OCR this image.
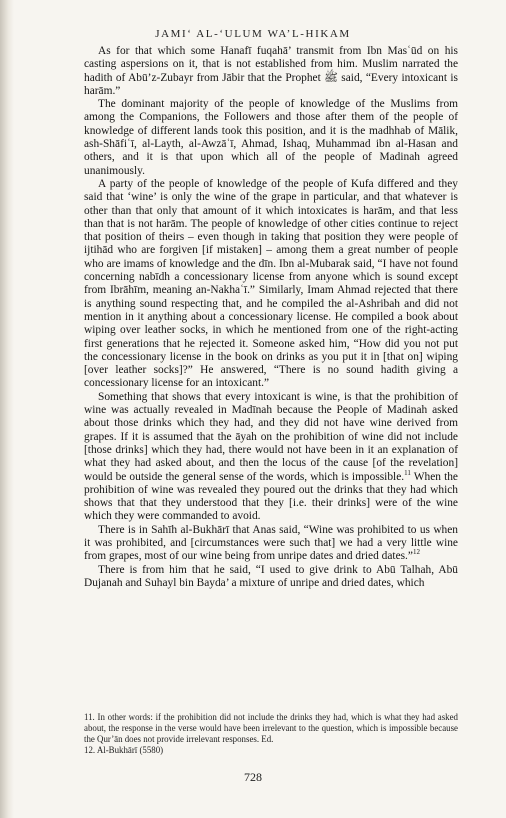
JAMI‘ AL-‘ULUM WA’L-HIKAM

As for that which some Hanafī fuqahā’ transmit from Ibn Masʿūd on his casting aspersions on it, that is not established from him. Muslim narrated the hadith of Abū’z-Zubayr from Jābir that the Prophet ﷺ said, “Every intoxicant is harām.”

The dominant majority of the people of knowledge of the Muslims from among the Companions, the Followers and those after them of the people of knowledge of different lands took this position, and it is the madhhab of Mālik, ash-Shāfiʿī, al-Layth, al-Awzāʿī, Ahmad, Ishaq, Muhammad ibn al-Hasan and others, and it is that upon which all of the people of Madinah agreed unanimously.

A party of the people of knowledge of the people of Kufa differed and they said that ‘wine’ is only the wine of the grape in particular, and that whatever is other than that only that amount of it which intoxicates is harām, and that less than that is not harām. The people of knowledge of other cities continue to reject that position of theirs – even though in taking that position they were people of ijtihād who are forgiven [if mistaken] – among them a great number of people who are imams of knowledge and the dīn. Ibn al-Mubarak said, “I have not found concerning nabīdh a concessionary license from anyone which is sound except from Ibrāhīm, meaning an-Nakhaʿī.” Similarly, Imam Ahmad rejected that there is anything sound respecting that, and he compiled the al-Ashribah and did not mention in it anything about a concessionary license. He compiled a book about wiping over leather socks, in which he mentioned from one of the right-acting first generations that he rejected it. Someone asked him, “How did you not put the concessionary license in the book on drinks as you put it in [that on] wiping [over leather socks]?” He answered, “There is no sound hadith giving a concessionary license for an intoxicant.”

Something that shows that every intoxicant is wine, is that the prohibition of wine was actually revealed in Madīnah because the People of Madinah asked about those drinks which they had, and they did not have wine derived from grapes. If it is assumed that the āyah on the prohibition of wine did not include [those drinks] which they had, there would not have been in it an explanation of what they had asked about, and then the locus of the cause [of the revelation] would be outside the general sense of the words, which is impossible.$^{11}$ When the prohibition of wine was revealed they poured out the drinks that they had which shows that that they understood that they [i.e. their drinks] were of the wine which they were commanded to avoid.

There is in Sahīh al-Bukhārī that Anas said, “Wine was prohibited to us when it was prohibited, and [circumstances were such that] we had a very little wine from grapes, most of our wine being from unripe dates and dried dates.”$^{12}$

There is from him that he said, “I used to give drink to Abū Talhah, Abū Dujanah and Suhayl bin Bayda’ a mixture of unripe and dried dates, which

11. In other words: if the prohibition did not include the drinks they had, which is what they had asked about, the response in the verse would have been irrelevant to the question, which is impossible because the Qur’ān does not provide irrelevant responses. Ed.

12. Al-Bukhārī (5580)

728
